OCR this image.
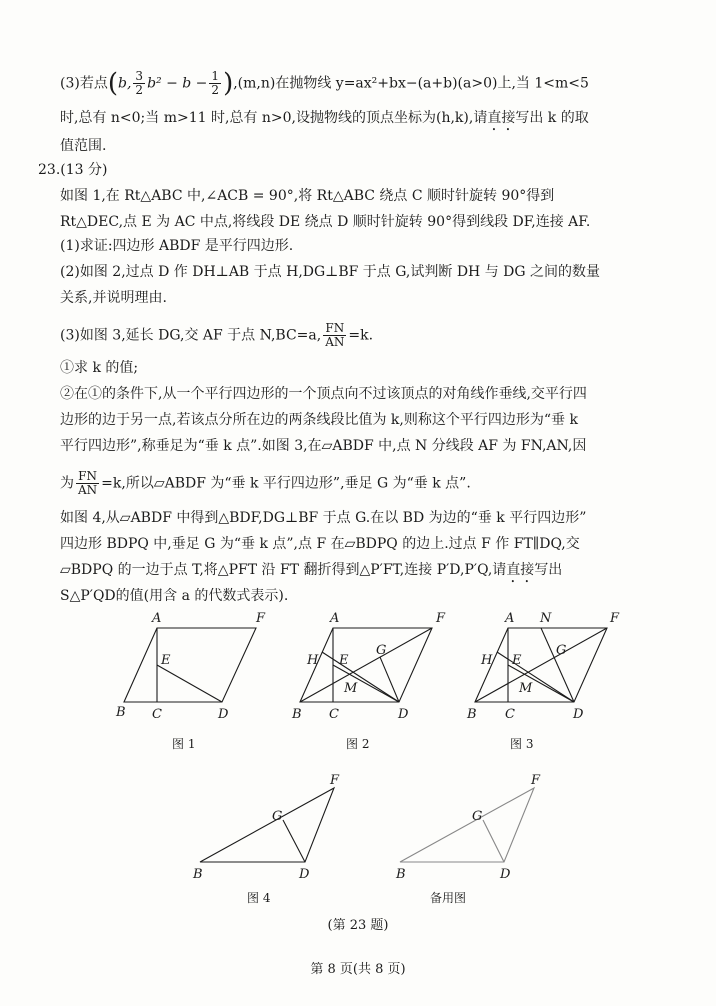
(3)若点(b, $\frac{3}{2} b^2 - b - \frac{1}{2} ),(m,n)$在抛物线 y=ax²+bx−(a+b)(a>0)上,当 1<m<5
时,总有 n<0;当 m>11 时,总有 n>0,设抛物线的顶点坐标为(h,k),请直接写出 k 的取
值范围.
23.(13 分)
如图 1,在 Rt△ABC 中,∠ACB = 90°,将 Rt△ABC 绕点 C 顺时针旋转 90°得到
Rt△DEC,点 E 为 AC 中点,将线段 DE 绕点 D 顺时针旋转 90°得到线段 DF,连接 AF.
(1)求证:四边形 ABDF 是平行四边形.
(2)如图 2,过点 D 作 DH⊥AB 于点 H,DG⊥BF 于点 G,试判断 DH 与 DG 之间的数量
关系,并说明理由.
(3)如图 3,延长 DG,交 AF 于点 N,BC=a, $\frac{FN}{AN} =k$.
①求 k 的值;
②在①的条件下,从一个平行四边形的一个顶点向不过该顶点的对角线作垂线,交平行四
边形的边于另一点,若该点分所在边的两条线段比值为 k,则称这个平行四边形为“垂 k
平行四边形”,称垂足为“垂 k 点”.如图 3,在▱ABDF 中,点 N 分线段 AF 为 FN,AN,因
为 $\frac{FN}{AN} =k$,所以▱ABDF 为“垂 k 平行四边形”,垂足 G 为“垂 k 点”.
如图 4,从▱ABDF 中得到△BDF,DG⊥BF 于点 G.在以 BD 为边的“垂 k 平行四边形”
四边形 BDPQ 中,垂足 G 为“垂 k 点”,点 F 在▱BDPQ 的边上.过点 F 作 FT∥DQ,交
▱BDPQ 的一边于点 T,将△PFT 沿 FT 翻折得到△P′FT,连接 P′D,P′Q,请直接写出
S△P′QD的值(用含 a 的代数式表示).
A	F
E
B C	D
图 1
A	F
H E
G
M
B C	D
图 2
A N	F
H E
G
M
B C	D
图 3
G
F
B	D
图 4
G
F
B	D
备用图
(第 23 题)
第 8 页(共 8 页)
